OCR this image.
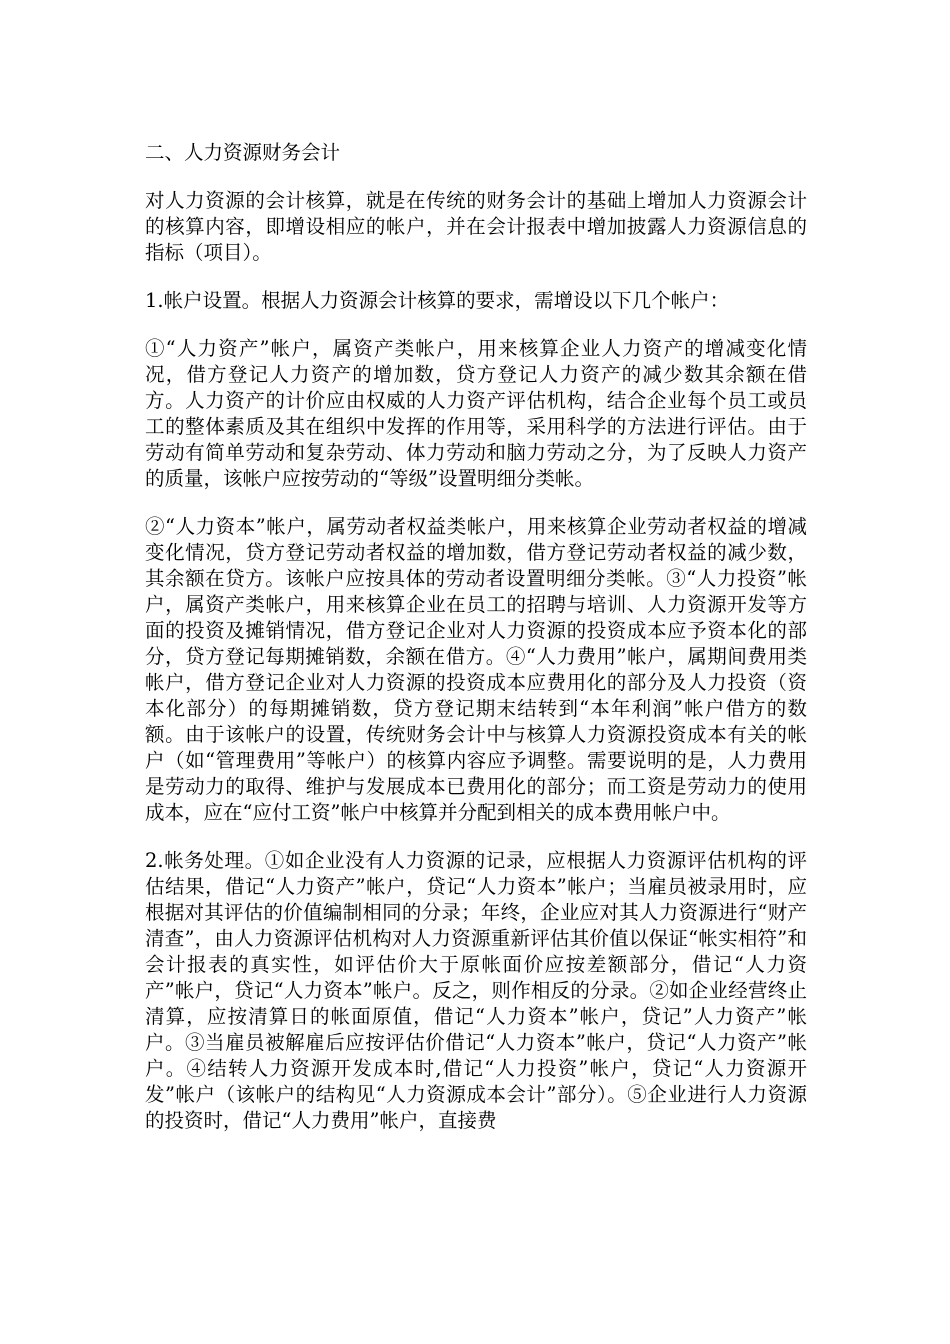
二、人力资源财务会计

对人力资源的会计核算，就是在传统的财务会计的基础上增加人力资源会计的核算内容，即增设相应的帐户，并在会计报表中增加披露人力资源信息的指标（项目）。

1.帐户设置。根据人力资源会计核算的要求，需增设以下几个帐户：

①“人力资产”帐户，属资产类帐户，用来核算企业人力资产的增减变化情况，借方登记人力资产的增加数，贷方登记人力资产的减少数其余额在借方。人力资产的计价应由权威的人力资产评估机构，结合企业每个员工或员工的整体素质及其在组织中发挥的作用等，采用科学的方法进行评估。由于劳动有简单劳动和复杂劳动、体力劳动和脑力劳动之分，为了反映人力资产的质量，该帐户应按劳动的“等级”设置明细分类帐。

②“人力资本”帐户，属劳动者权益类帐户，用来核算企业劳动者权益的增减变化情况，贷方登记劳动者权益的增加数，借方登记劳动者权益的减少数，其余额在贷方。该帐户应按具体的劳动者设置明细分类帐。③“人力投资”帐户，属资产类帐户，用来核算企业在员工的招聘与培训、人力资源开发等方面的投资及摊销情况，借方登记企业对人力资源的投资成本应予资本化的部分，贷方登记每期摊销数，余额在借方。④“人力费用”帐户，属期间费用类帐户，借方登记企业对人力资源的投资成本应费用化的部分及人力投资（资本化部分）的每期摊销数，贷方登记期末结转到“本年利润”帐户借方的数额。由于该帐户的设置，传统财务会计中与核算人力资源投资成本有关的帐户（如“管理费用”等帐户）的核算内容应予调整。需要说明的是，人力费用是劳动力的取得、维护与发展成本已费用化的部分；而工资是劳动力的使用成本，应在“应付工资”帐户中核算并分配到相关的成本费用帐户中。

2.帐务处理。①如企业没有人力资源的记录，应根据人力资源评估机构的评估结果，借记“人力资产”帐户，贷记“人力资本”帐户；当雇员被录用时，应根据对其评估的价值编制相同的分录；年终，企业应对其人力资源进行“财产清查”，由人力资源评估机构对人力资源重新评估其价值以保证“帐实相符”和会计报表的真实性，如评估价大于原帐面价应按差额部分，借记“人力资产”帐户，贷记“人力资本”帐户。反之，则作相反的分录。②如企业经营终止清算，应按清算日的帐面原值，借记“人力资本”帐户，贷记”人力资产”帐户。③当雇员被解雇后应按评估价借记“人力资本”帐户，贷记“人力资产”帐户。④结转人力资源开发成本时,借记“人力投资”帐户，贷记“人力资源开发”帐户（该帐户的结构见“人力资源成本会计”部分）。⑤企业进行人力资源的投资时，借记“人力费用”帐户，直接费
